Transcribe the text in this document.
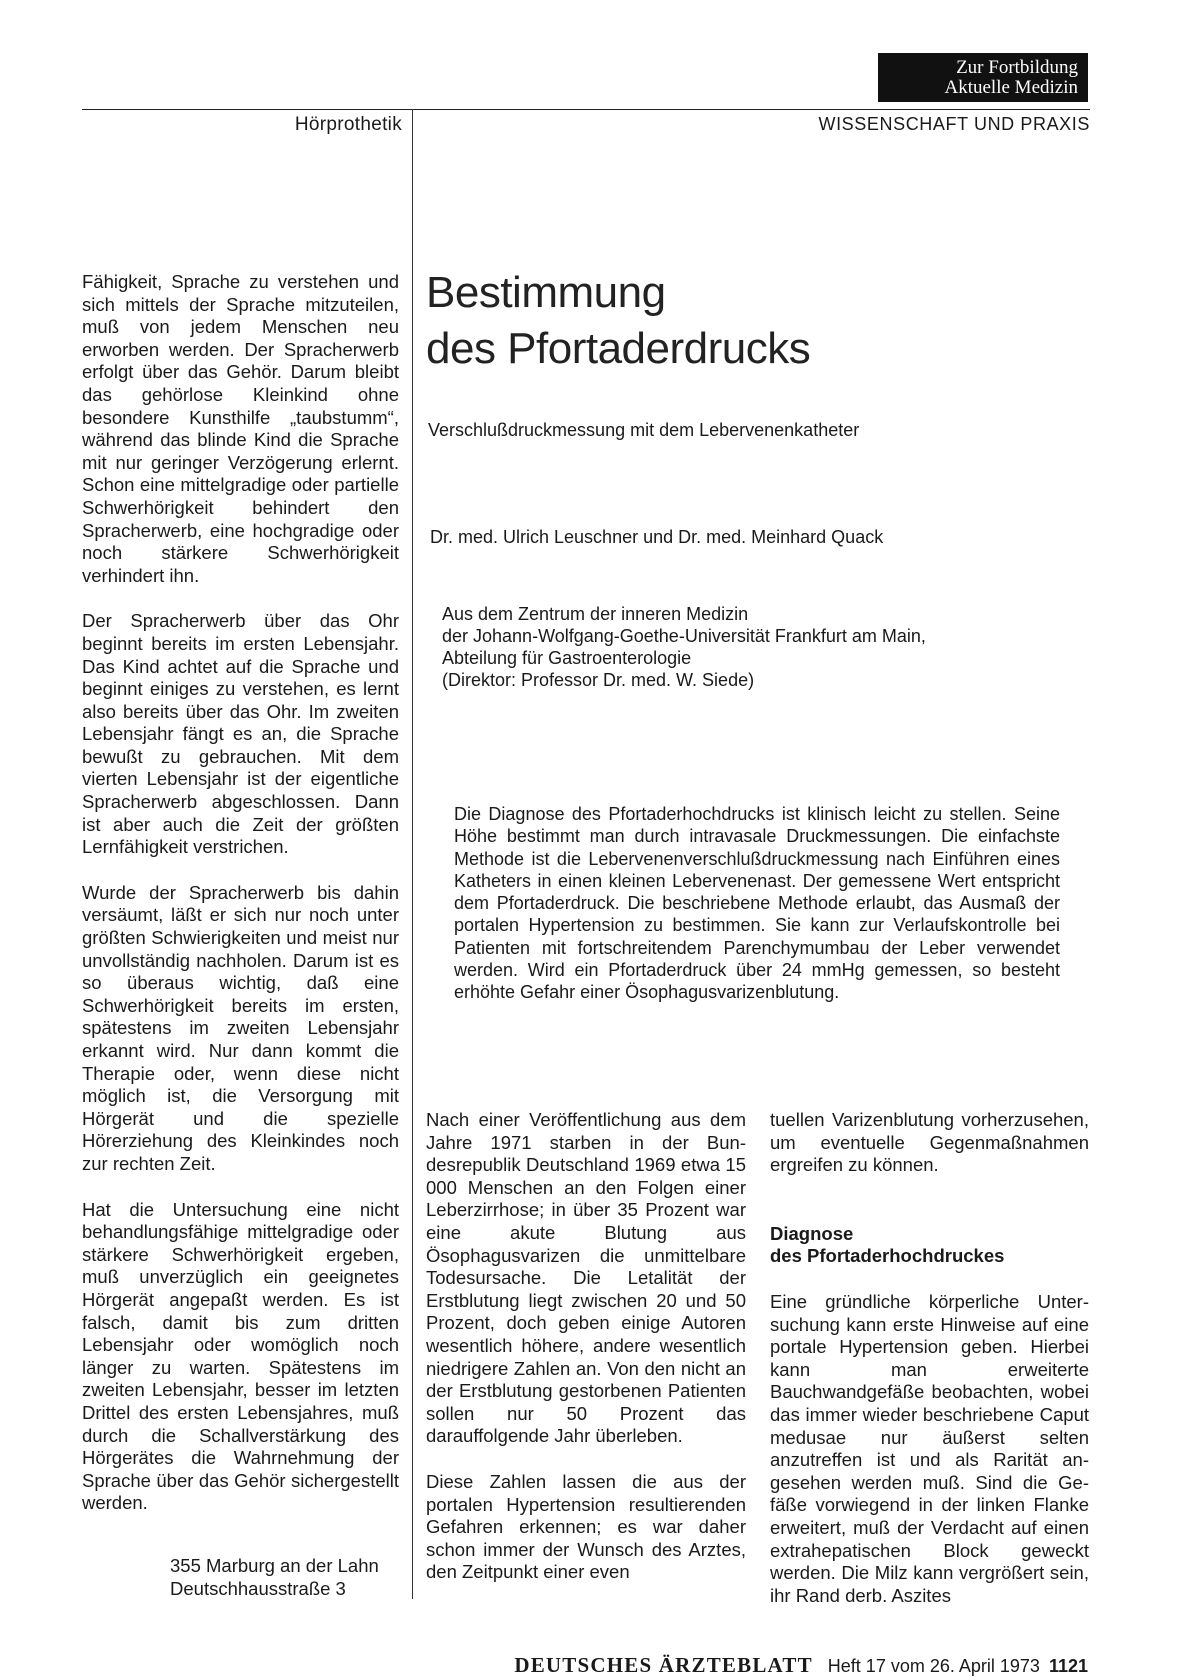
Zur Fortbildung
Aktuelle Medizin
Hörprothetik	WISSENSCHAFT UND PRAXIS

Fähigkeit, Sprache zu verstehen und sich mittels der Sprache mitzuteilen, muß von jedem Menschen neu erworben werden. Der Spracherwerb erfolgt über das Gehör. Darum bleibt das gehörlose Kleinkind ohne besondere Kunsthilfe „taubstumm“, während das blinde Kind die Sprache mit nur geringer Verzögerung erlernt. Schon eine mittelgradige oder partielle Schwerhörigkeit behindert den Spracherwerb, eine hochgradige oder noch stärkere Schwerhörigkeit verhindert ihn.

Der Spracherwerb über das Ohr beginnt bereits im ersten Lebensjahr. Das Kind achtet auf die Sprache und beginnt einiges zu verstehen, es lernt also bereits über das Ohr. Im zweiten Lebensjahr fängt es an, die Sprache bewußt zu gebrauchen. Mit dem vierten Lebensjahr ist der eigentliche Spracherwerb abgeschlossen. Dann ist aber auch die Zeit der größten Lernfähigkeit verstrichen.

Wurde der Spracherwerb bis dahin versäumt, läßt er sich nur noch unter größten Schwierigkeiten und meist nur unvollständig nachholen. Darum ist es so überaus wichtig, daß eine Schwerhörigkeit bereits im ersten, spätestens im zweiten Lebensjahr erkannt wird. Nur dann kommt die Therapie oder, wenn diese nicht möglich ist, die Versorgung mit Hörgerät und die spezielle Hörerziehung des Kleinkindes noch zur rechten Zeit.

Hat die Untersuchung eine nicht behandlungsfähige mittelgradige oder stärkere Schwerhörigkeit ergeben, muß unverzüglich ein geeignetes Hörgerät angepaßt werden. Es ist falsch, damit bis zum dritten Lebensjahr oder womöglich noch länger zu warten. Spätestens im zweiten Lebensjahr, besser im letzten Drittel des ersten Lebensjahres, muß durch die Schallverstärkung des Hörgerätes die Wahrnehmung der Sprache über das Gehör sichergestellt werden.

355 Marburg an der Lahn
Deutschhausstraße 3
Bestimmung
des Pfortaderdrucks
Verschlußdruckmessung mit dem Lebervenenkatheter
Dr. med. Ulrich Leuschner und Dr. med. Meinhard Quack
Aus dem Zentrum der inneren Medizin
der Johann-Wolfgang-Goethe-Universität Frankfurt am Main,
Abteilung für Gastroenterologie
(Direktor: Professor Dr. med. W. Siede)
Die Diagnose des Pfortaderhochdrucks ist klinisch leicht zu stellen. Seine Höhe bestimmt man durch intravasale Druckmessungen. Die einfachste Methode ist die Lebervenenverschlußdruckmessung nach Einführen eines Katheters in einen kleinen Lebervenenast. Der gemessene Wert entspricht dem Pfortaderdruck. Die beschriebene Methode erlaubt, das Ausmaß der portalen Hypertension zu bestimmen. Sie kann zur Verlaufskontrolle bei Patienten mit fortschreitendem Parenchymumbau der Leber verwendet werden. Wird ein Pfortaderdruck über 24 mmHg gemessen, so besteht erhöhte Gefahr einer Ösophagusvarizenblutung.

Nach einer Veröffentlichung aus dem Jahre 1971 starben in der Bundesrepublik Deutschland 1969 etwa 15 000 Menschen an den Folgen einer Leberzirrhose; in über 35 Prozent war eine akute Blutung aus Ösophagusvarizen die unmittelbare Todesursache. Die Letalität der Erstblutung liegt zwischen 20 und 50 Prozent, doch geben einige Autoren wesentlich höhere, andere wesentlich niedrigere Zahlen an. Von den nicht an der Erstblutung gestorbenen Patienten sollen nur 50 Prozent das darauffolgende Jahr überleben.

Diese Zahlen lassen die aus der portalen Hypertension resultierenden Gefahren erkennen; es war daher schon immer der Wunsch des Arztes, den Zeitpunkt einer even

tuellen Varizenblutung vorherzusehen, um eventuelle Gegenmaßnahmen ergreifen zu können.

Diagnose
des Pfortaderhochdruckes

Eine gründliche körperliche Untersuchung kann erste Hinweise auf eine portale Hypertension geben. Hierbei kann man erweiterte Bauchwandgefäße beobachten, wobei das immer wieder beschriebene Caput medusae nur äußerst selten anzutreffen ist und als Rarität angesehen werden muß. Sind die Gefäße vorwiegend in der linken Flanke erweitert, muß der Verdacht auf einen extrahepatischen Block geweckt werden. Die Milz kann vergrößert sein, ihr Rand derb. Aszites

DEUTSCHES ÄRZTEBLATT Heft 17 vom 26. April 1973 1121
